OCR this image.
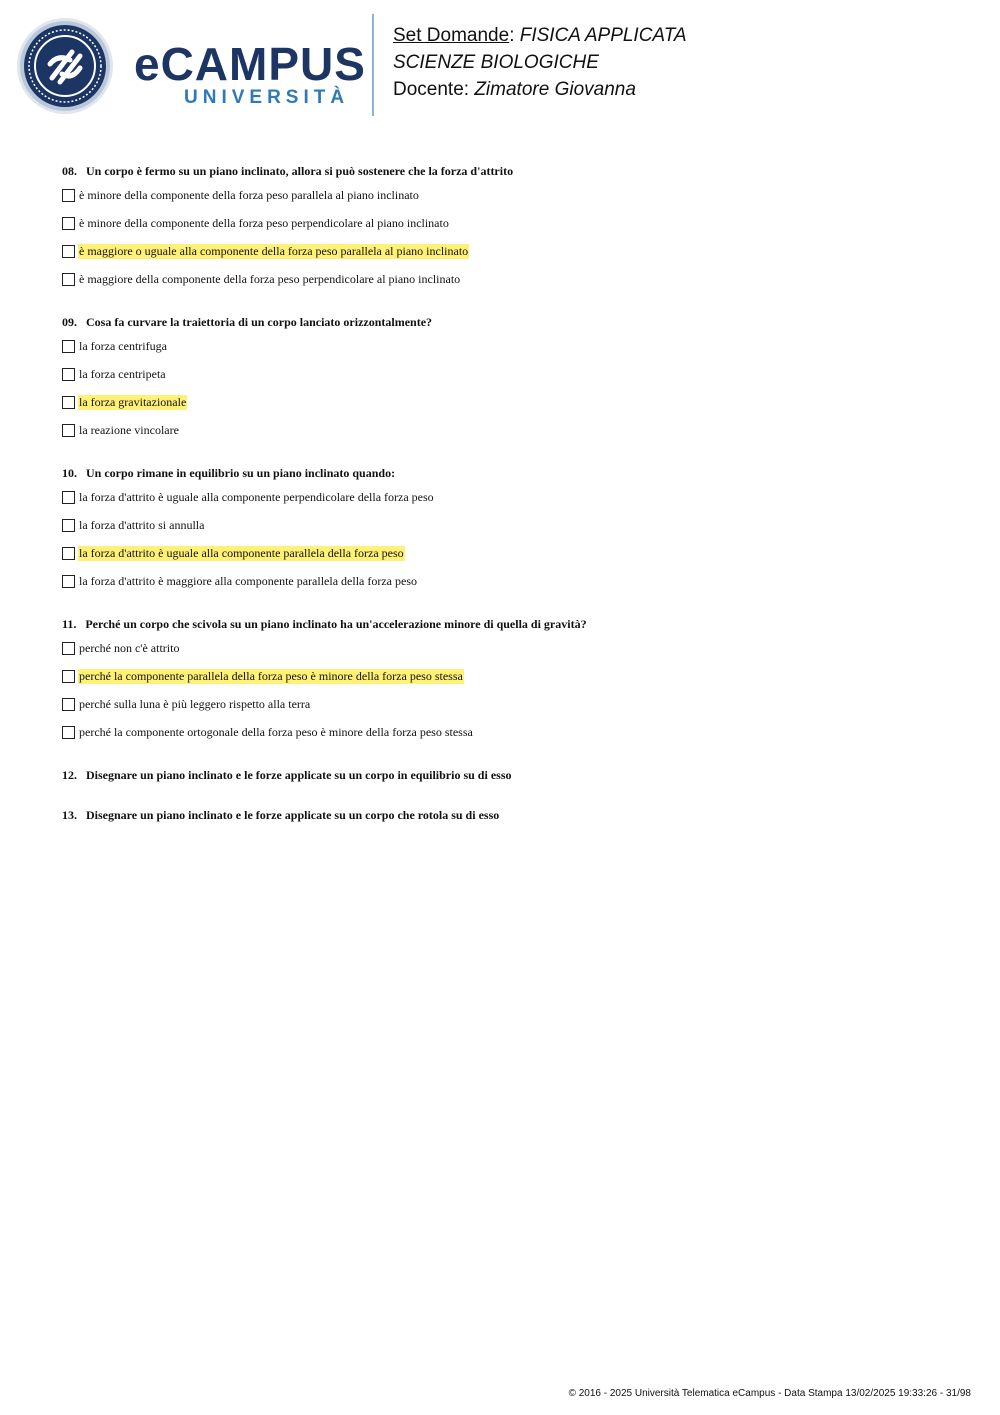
eCAMPUS
UNIVERSITÀ
Set Domande: FISICA APPLICATA
SCIENZE BIOLOGICHE
Docente: Zimatore Giovanna
08. Un corpo è fermo su un piano inclinato, allora si può sostenere che la forza d'attrito
è minore della componente della forza peso parallela al piano inclinato
è minore della componente della forza peso perpendicolare al piano inclinato
è maggiore o uguale alla componente della forza peso parallela al piano inclinato
è maggiore della componente della forza peso perpendicolare al piano inclinato
09. Cosa fa curvare la traiettoria di un corpo lanciato orizzontalmente?
la forza centrifuga
la forza centripeta
la forza gravitazionale
la reazione vincolare
10. Un corpo rimane in equilibrio su un piano inclinato quando:
la forza d'attrito è uguale alla componente perpendicolare della forza peso
la forza d'attrito si annulla
la forza d'attrito è uguale alla componente parallela della forza peso
la forza d'attrito è maggiore alla componente parallela della forza peso
11. Perché un corpo che scivola su un piano inclinato ha un'accelerazione minore di quella di gravità?
perché non c'è attrito
perché la componente parallela della forza peso è minore della forza peso stessa
perché sulla luna è più leggero rispetto alla terra
perché la componente ortogonale della forza peso è minore della forza peso stessa
12. Disegnare un piano inclinato e le forze applicate su un corpo in equilibrio su di esso
13. Disegnare un piano inclinato e le forze applicate su un corpo che rotola su di esso
© 2016 - 2025 Università Telematica eCampus - Data Stampa 13/02/2025 19:33:26 - 31/98
